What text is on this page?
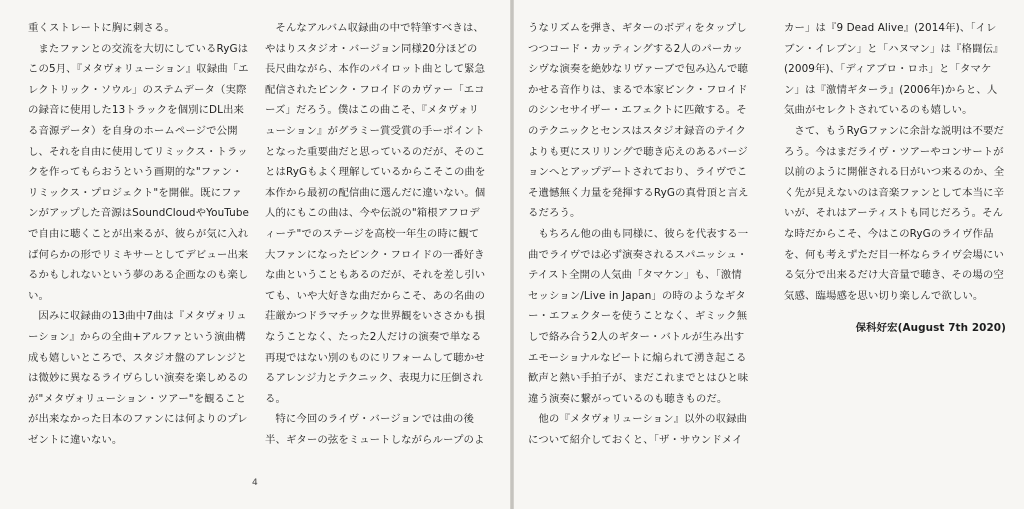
重くストレートに胸に刺さる。

またファンとの交流を大切にしているRyGはこの5月、『メタヴォリューション』収録曲「エレクトリック・ソウル」のステムデータ（実際の録音に使用した13トラックを個別にDL出来る音源データ）を自身のホームページで公開し、それを自由に使用してリミックス・トラックを作ってもらおうという画期的な"ファン・リミックス・プロジェクト"を開催。既にファンがアップした音源はSoundCloudやYouTubeで自由に聴くことが出来るが、彼らが気に入れば何らかの形でリミキサーとしてデビュー出来るかもしれないという夢のある企画なのも楽しい。

因みに収録曲の13曲中7曲は『メタヴォリューション』からの全曲+アルファという演曲構成も嬉しいところで、スタジオ盤のアレンジとは微妙に異なるライヴらしい演奏を楽しめるのが"メタヴォリューション・ツアー"を観ることが出来なかった日本のファンには何よりのプレゼントに違いない。

そんなアルバム収録曲の中で特筆すべきは、やはりスタジオ・バージョン同様20分ほどの長尺曲ながら、本作のパイロット曲として緊急配信されたピンク・フロイドのカヴァー「エコーズ」だろう。僕はこの曲こそ、『メタヴォリューション』がグラミー賞受賞の手ーポイントとなった重要曲だと思っているのだが、そのことはRyGもよく理解しているからこそこの曲を本作から最初の配信曲に選んだに違いない。個人的にもこの曲は、今や伝説の"箱根アフロディーテ"でのステージを高校一年生の時に観て大ファンになったピンク・フロイドの一番好きな曲ということもあるのだが、それを差し引いても、いや大好きな曲だからこそ、あの名曲の荘厳かつドラマチックな世界観をいささかも損なうことなく、たった2人だけの演奏で単なる再現ではない別のものにリフォームして聴かせるアレンジ力とテクニック、表現力に圧倒される。

特に今回のライヴ・バージョンでは曲の後半、ギターの弦をミュートしながらループのよ

4

うなリズムを弾き、ギターのボディをタップしつつコード・カッティングする2人のパーカッシヴな演奏を絶妙なリヴァーブで包み込んで聴かせる音作りは、まるで本家ピンク・フロイドのシンセサイザー・エフェクトに匹敵する。そのテクニックとセンスはスタジオ録音のテイクよりも更にスリリングで聴き応えのあるバージョンへとアップデートされており、ライヴでこそ遺憾無く力量を発揮するRyGの真骨頂と言えるだろう。

もちろん他の曲も同様に、彼らを代表する一曲でライヴでは必ず演奏されるスパニッシュ・テイスト全開の人気曲「タマケン」も、「激情セッション/Live in Japan」の時のようなギター・エフェクターを使うことなく、ギミック無しで絡み合う2人のギター・バトルが生み出すエモーショナルなビートに煽られて湧き起こる歓声と熱い手拍子が、まだこれまでとはひと味違う演奏に繋がっているのも聴きものだ。

他の『メタヴォリューション』以外の収録曲について紹介しておくと、「ザ・サウンドメイ

カー」は『9 Dead Alive』(2014年)、「イレブン・イレブン」と「ハヌマン」は『格闘伝』(2009年)、「ディアブロ・ロホ」と「タマケン」は『激情ギターラ』(2006年)からと、人気曲がセレクトされているのも嬉しい。

さて、もうRyGファンに余計な説明は不要だろう。今はまだライヴ・ツアーやコンサートが以前のように開催される日がいつ来るのか、全く先が見えないのは音楽ファンとして本当に辛いが、それはアーティストも同じだろう。そんな時だからこそ、今はこのRyGのライヴ作品を、何も考えずただ目一杯ならライヴ会場にいる気分で出来るだけ大音量で聴き、その場の空気感、臨場感を思い切り楽しんで欲しい。

保科好宏(August 7th 2020)
